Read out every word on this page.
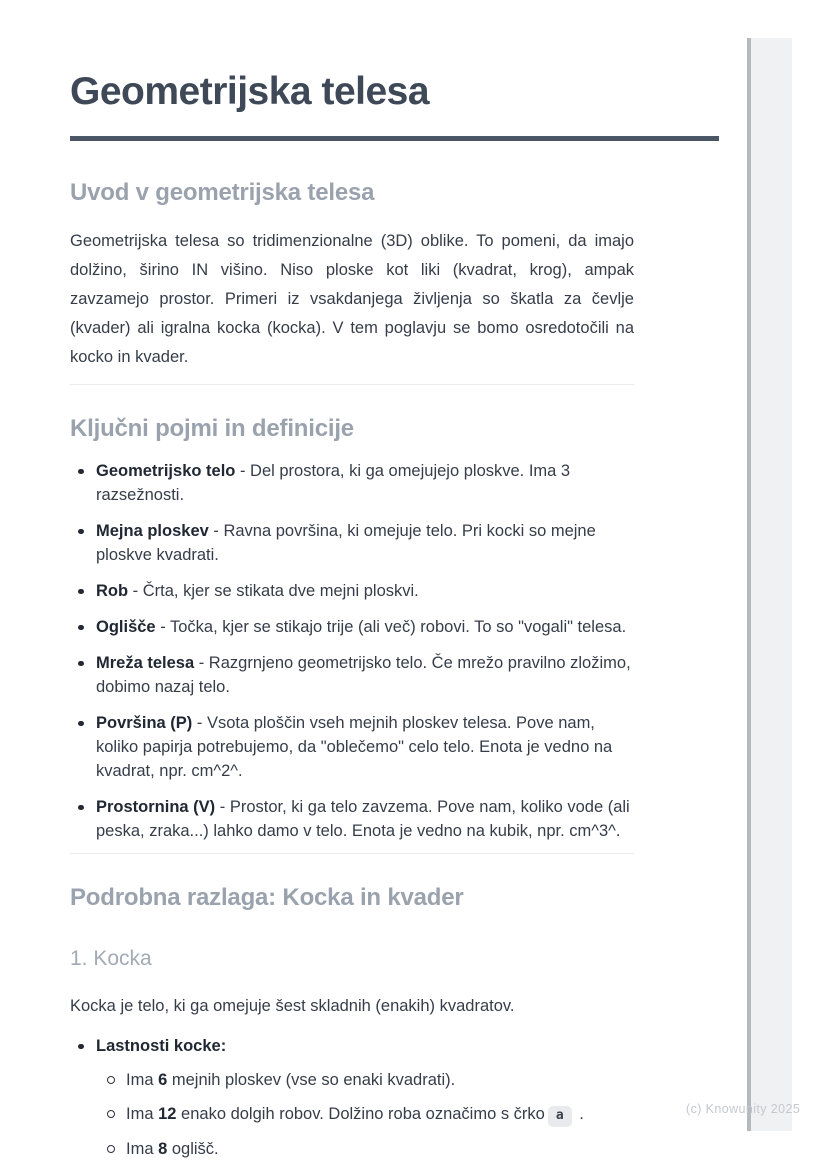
Geometrijska telesa
Uvod v geometrijska telesa

Geometrijska telesa so tridimenzionalne (3D) oblike. To pomeni, da imajo dolžino, širino IN višino. Niso ploske kot liki (kvadrat, krog), ampak zavzamejo prostor. Primeri iz vsakdanjega življenja so škatla za čevlje (kvader) ali igralna kocka (kocka). V tem poglavju se bomo osredotočili na kocko in kvader.

Ključni pojmi in definicije
Geometrijsko telo - Del prostora, ki ga omejujejo ploskve. Ima 3 razsežnosti.
Mejna ploskev - Ravna površina, ki omejuje telo. Pri kocki so mejne ploskve kvadrati.
Rob - Črta, kjer se stikata dve mejni ploskvi.
Oglišče - Točka, kjer se stikajo trije (ali več) robovi. To so "vogali" telesa.
Mreža telesa - Razgrnjeno geometrijsko telo. Če mrežo pravilno zložimo, dobimo nazaj telo.
Površina (P) - Vsota ploščin vseh mejnih ploskev telesa. Pove nam, koliko papirja potrebujemo, da "oblečemo" celo telo. Enota je vedno na kvadrat, npr. cm^2^.
Prostornina (V) - Prostor, ki ga telo zavzema. Pove nam, koliko vode (ali peska, zraka...) lahko damo v telo. Enota je vedno na kubik, npr. cm^3^.
Podrobna razlaga: Kocka in kvader
1. Kocka

Kocka je telo, ki ga omejuje šest skladnih (enakih) kvadratov.

Lastnosti kocke:
Ima 6 mejnih ploskev (vse so enaki kvadrati).
Ima 12 enako dolgih robov. Dolžino roba označimo s črko a .
Ima 8 oglišč.
(c) Knowunity 2025
